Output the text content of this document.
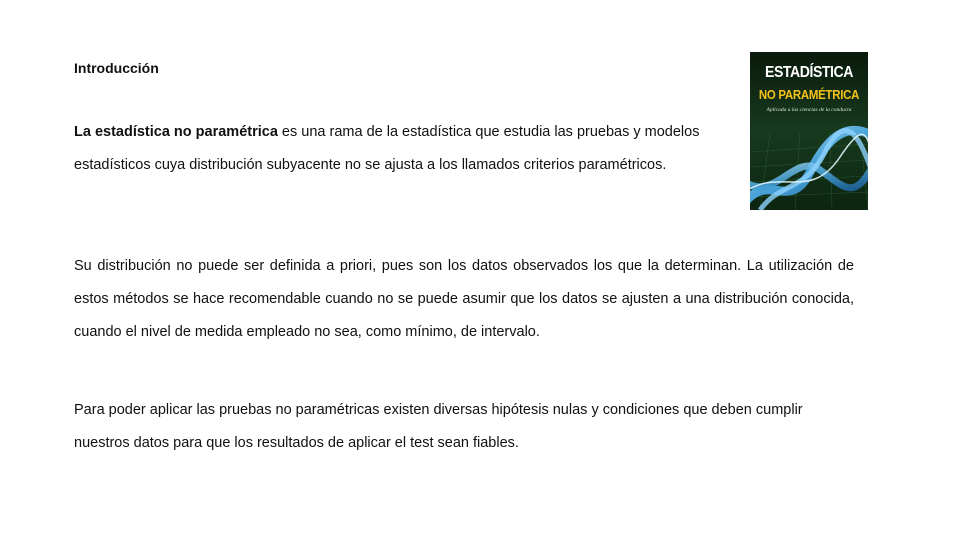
Introducción
La estadística no paramétrica es una rama de la estadística que estudia las pruebas y modelos estadísticos cuya distribución subyacente no se ajusta a los llamados criterios paramétricos.
Su distribución no puede ser definida a priori, pues son los datos observados los que la determinan. La utilización de estos métodos se hace recomendable cuando no se puede asumir que los datos se ajusten a una distribución conocida, cuando el nivel de medida empleado no sea, como mínimo, de intervalo.
Para poder aplicar las pruebas no paramétricas existen diversas hipótesis nulas y condiciones que deben cumplir nuestros datos para que los resultados de aplicar el test sean fiables.
ESTADÍSTICA
NO PARAMÉTRICA
Aplicada a las ciencias de la conducta
